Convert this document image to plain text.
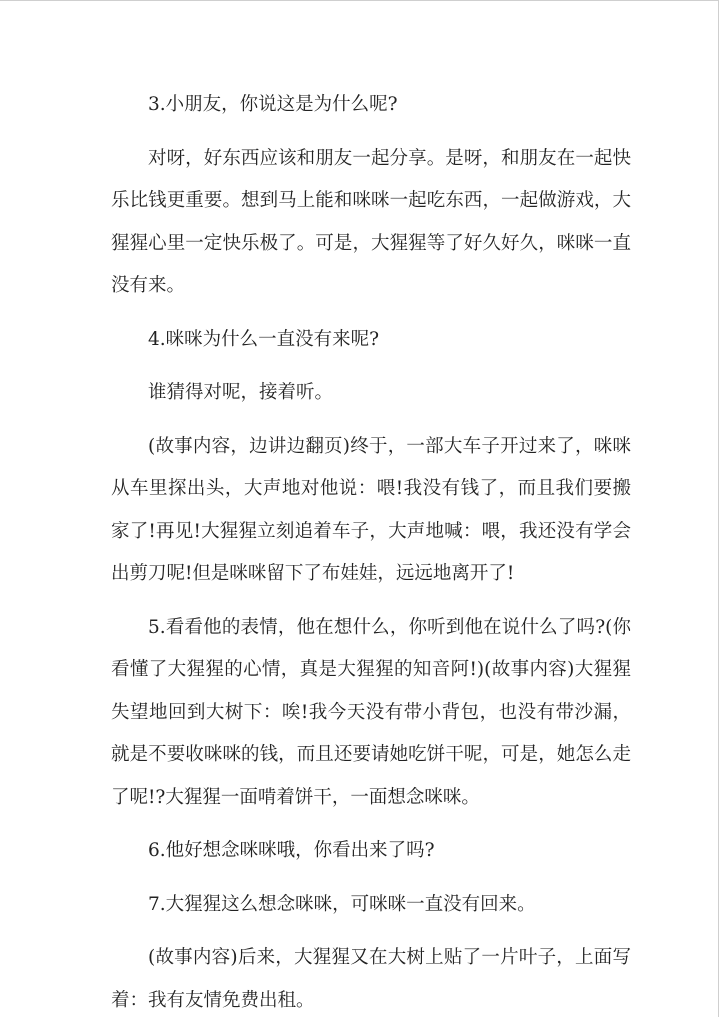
3.小朋友，你说这是为什么呢?

对呀，好东西应该和朋友一起分享。是呀，和朋友在一起快乐比钱更重要。想到马上能和咪咪一起吃东西，一起做游戏，大猩猩心里一定快乐极了。可是，大猩猩等了好久好久，咪咪一直没有来。

4.咪咪为什么一直没有来呢?

谁猜得对呢，接着听。

(故事内容，边讲边翻页)终于，一部大车子开过来了，咪咪从车里探出头，大声地对他说：喂!我没有钱了，而且我们要搬家了!再见!大猩猩立刻追着车子，大声地喊：喂，我还没有学会出剪刀呢!但是咪咪留下了布娃娃，远远地离开了!

5.看看他的表情，他在想什么，你听到他在说什么了吗?(你看懂了大猩猩的心情，真是大猩猩的知音阿!)(故事内容)大猩猩失望地回到大树下：唉!我今天没有带小背包，也没有带沙漏，就是不要收咪咪的钱，而且还要请她吃饼干呢，可是，她怎么走了呢!?大猩猩一面啃着饼干，一面想念咪咪。

6.他好想念咪咪哦，你看出来了吗?

7.大猩猩这么想念咪咪，可咪咪一直没有回来。

(故事内容)后来，大猩猩又在大树上贴了一片叶子，上面写着：我有友情免费出租。
